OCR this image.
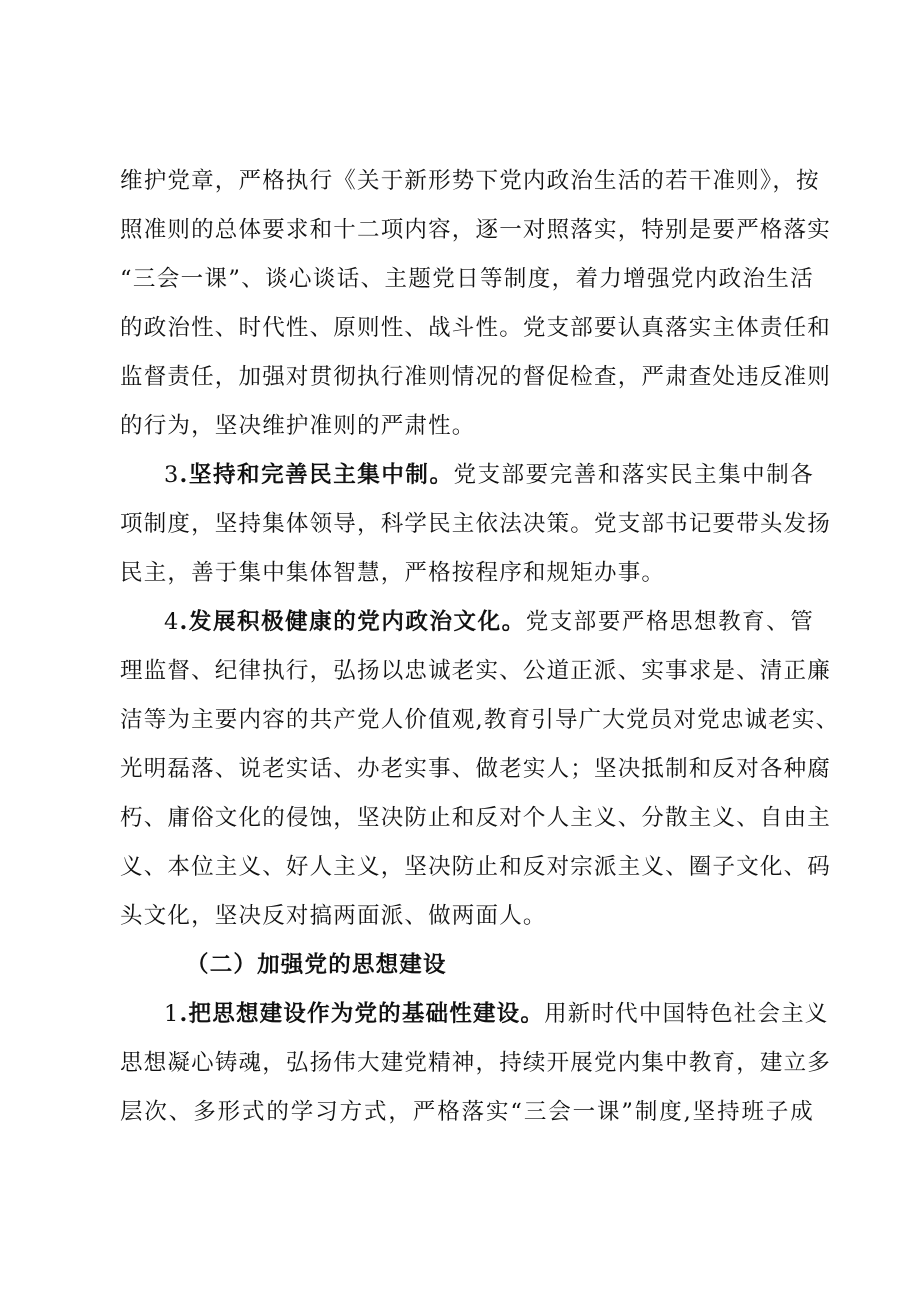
维护党章，严格执行《关于新形势下党内政治生活的若干准则》，按
照准则的总体要求和十二项内容，逐一对照落实，特别是要严格落实
“三会一课”、谈心谈话、主题党日等制度，着力增强党内政治生活
的政治性、时代性、原则性、战斗性。党支部要认真落实主体责任和
监督责任，加强对贯彻执行准则情况的督促检查，严肃查处违反准则
的行为，坚决维护准则的严肃性。
3.坚持和完善民主集中制。党支部要完善和落实民主集中制各
项制度，坚持集体领导，科学民主依法决策。党支部书记要带头发扬
民主，善于集中集体智慧，严格按程序和规矩办事。
4.发展积极健康的党内政治文化。党支部要严格思想教育、管
理监督、纪律执行，弘扬以忠诚老实、公道正派、实事求是、清正廉
洁等为主要内容的共产党人价值观,教育引导广大党员对党忠诚老实、
光明磊落、说老实话、办老实事、做老实人；坚决抵制和反对各种腐
朽、庸俗文化的侵蚀，坚决防止和反对个人主义、分散主义、自由主
义、本位主义、好人主义，坚决防止和反对宗派主义、圈子文化、码
头文化，坚决反对搞两面派、做两面人。
（二）加强党的思想建设
1.把思想建设作为党的基础性建设。用新时代中国特色社会主义
思想凝心铸魂，弘扬伟大建党精神，持续开展党内集中教育，建立多
层次、多形式的学习方式，严格落实“三会一课”制度,坚持班子成
